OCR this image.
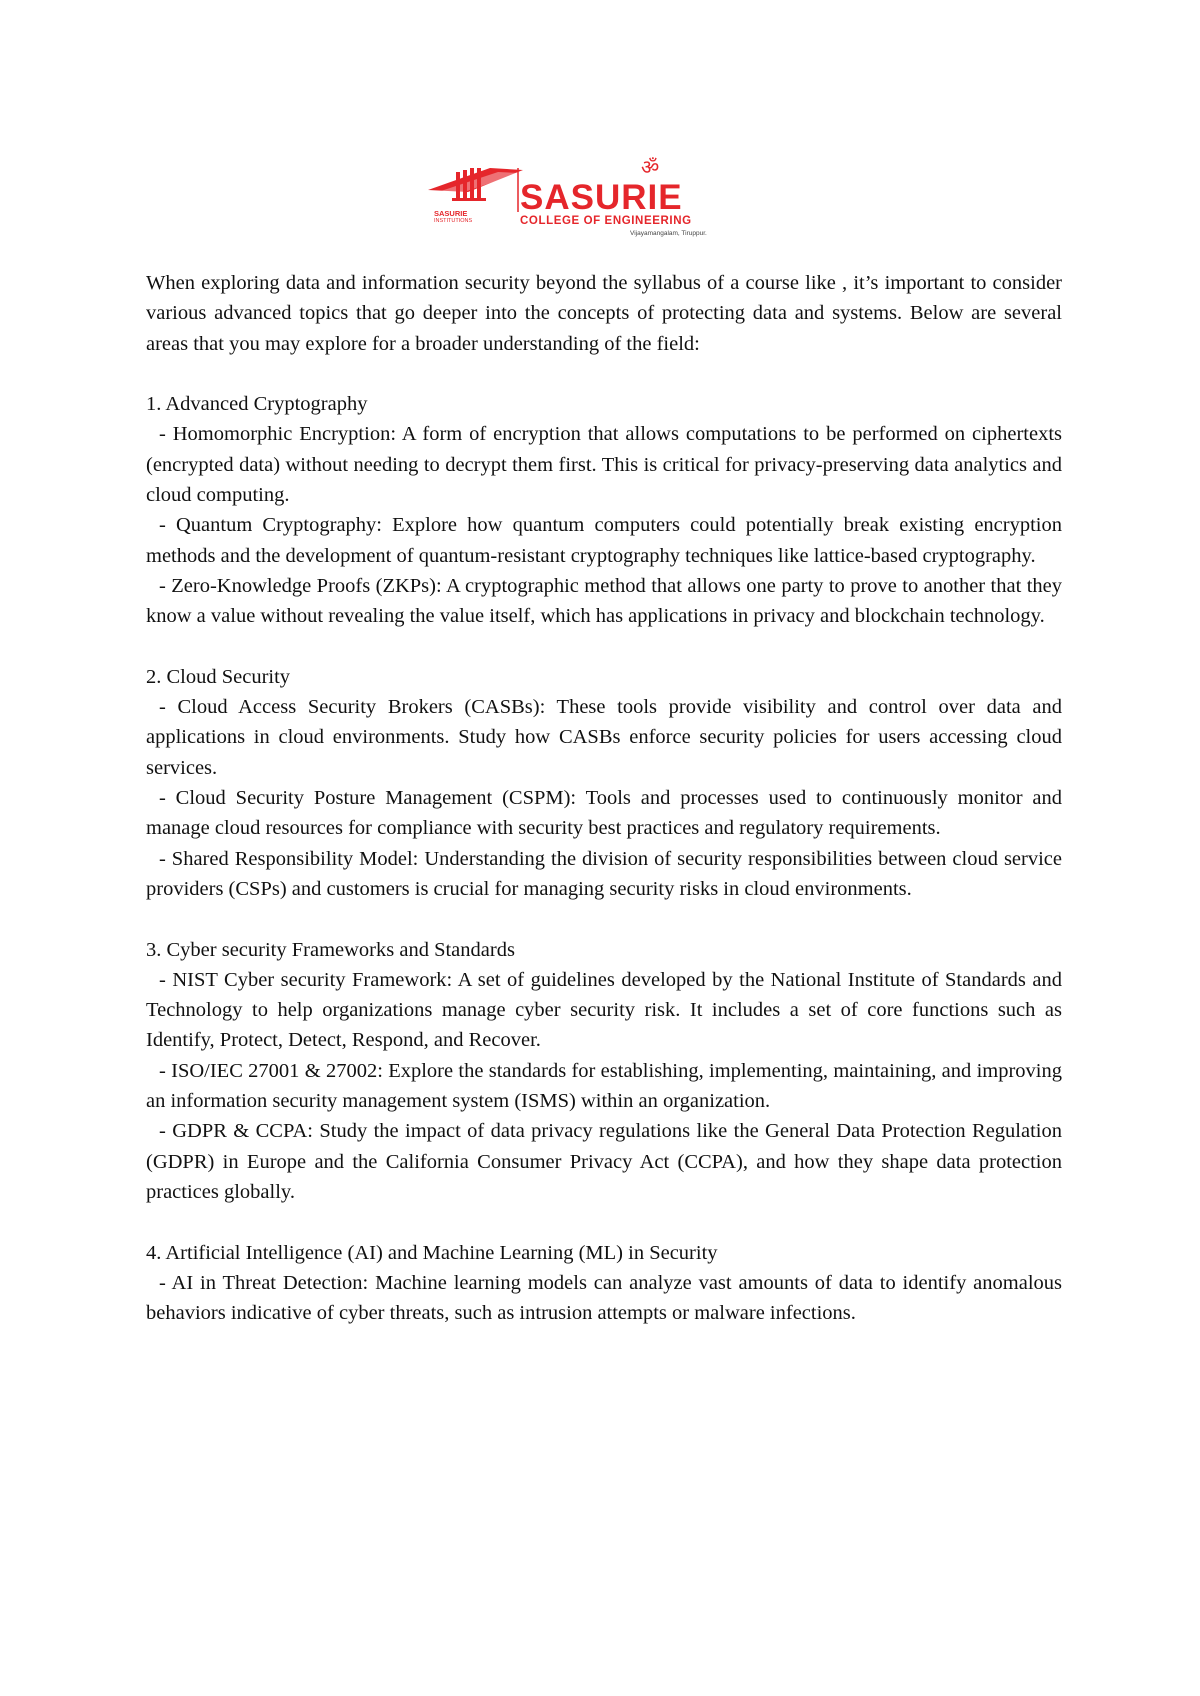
SASURIE
INSTITUTIONS
ॐ
SASURIE
COLLEGE OF ENGINEERING
Vijayamangalam, Tiruppur.

When exploring data and information security beyond the syllabus of a course like , it’s important to consider various advanced topics that go deeper into the concepts of protecting data and systems. Below are several areas that you may explore for a broader understanding of the field:

1. Advanced Cryptography

- Homomorphic Encryption: A form of encryption that allows computations to be performed on ciphertexts (encrypted data) without needing to decrypt them first. This is critical for privacy-preserving data analytics and cloud computing.

- Quantum Cryptography: Explore how quantum computers could potentially break existing encryption methods and the development of quantum-resistant cryptography techniques like lattice-based cryptography.

- Zero-Knowledge Proofs (ZKPs): A cryptographic method that allows one party to prove to another that they know a value without revealing the value itself, which has applications in privacy and blockchain technology.

2. Cloud Security

- Cloud Access Security Brokers (CASBs): These tools provide visibility and control over data and applications in cloud environments. Study how CASBs enforce security policies for users accessing cloud services.

- Cloud Security Posture Management (CSPM): Tools and processes used to continuously monitor and manage cloud resources for compliance with security best practices and regulatory requirements.

- Shared Responsibility Model: Understanding the division of security responsibilities between cloud service providers (CSPs) and customers is crucial for managing security risks in cloud environments.

3. Cyber security Frameworks and Standards

- NIST Cyber security Framework: A set of guidelines developed by the National Institute of Standards and Technology to help organizations manage cyber security risk. It includes a set of core functions such as Identify, Protect, Detect, Respond, and Recover.

- ISO/IEC 27001 & 27002: Explore the standards for establishing, implementing, maintaining, and improving an information security management system (ISMS) within an organization.

- GDPR & CCPA: Study the impact of data privacy regulations like the General Data Protection Regulation (GDPR) in Europe and the California Consumer Privacy Act (CCPA), and how they shape data protection practices globally.

4. Artificial Intelligence (AI) and Machine Learning (ML) in Security

- AI in Threat Detection: Machine learning models can analyze vast amounts of data to identify anomalous behaviors indicative of cyber threats, such as intrusion attempts or malware infections.
